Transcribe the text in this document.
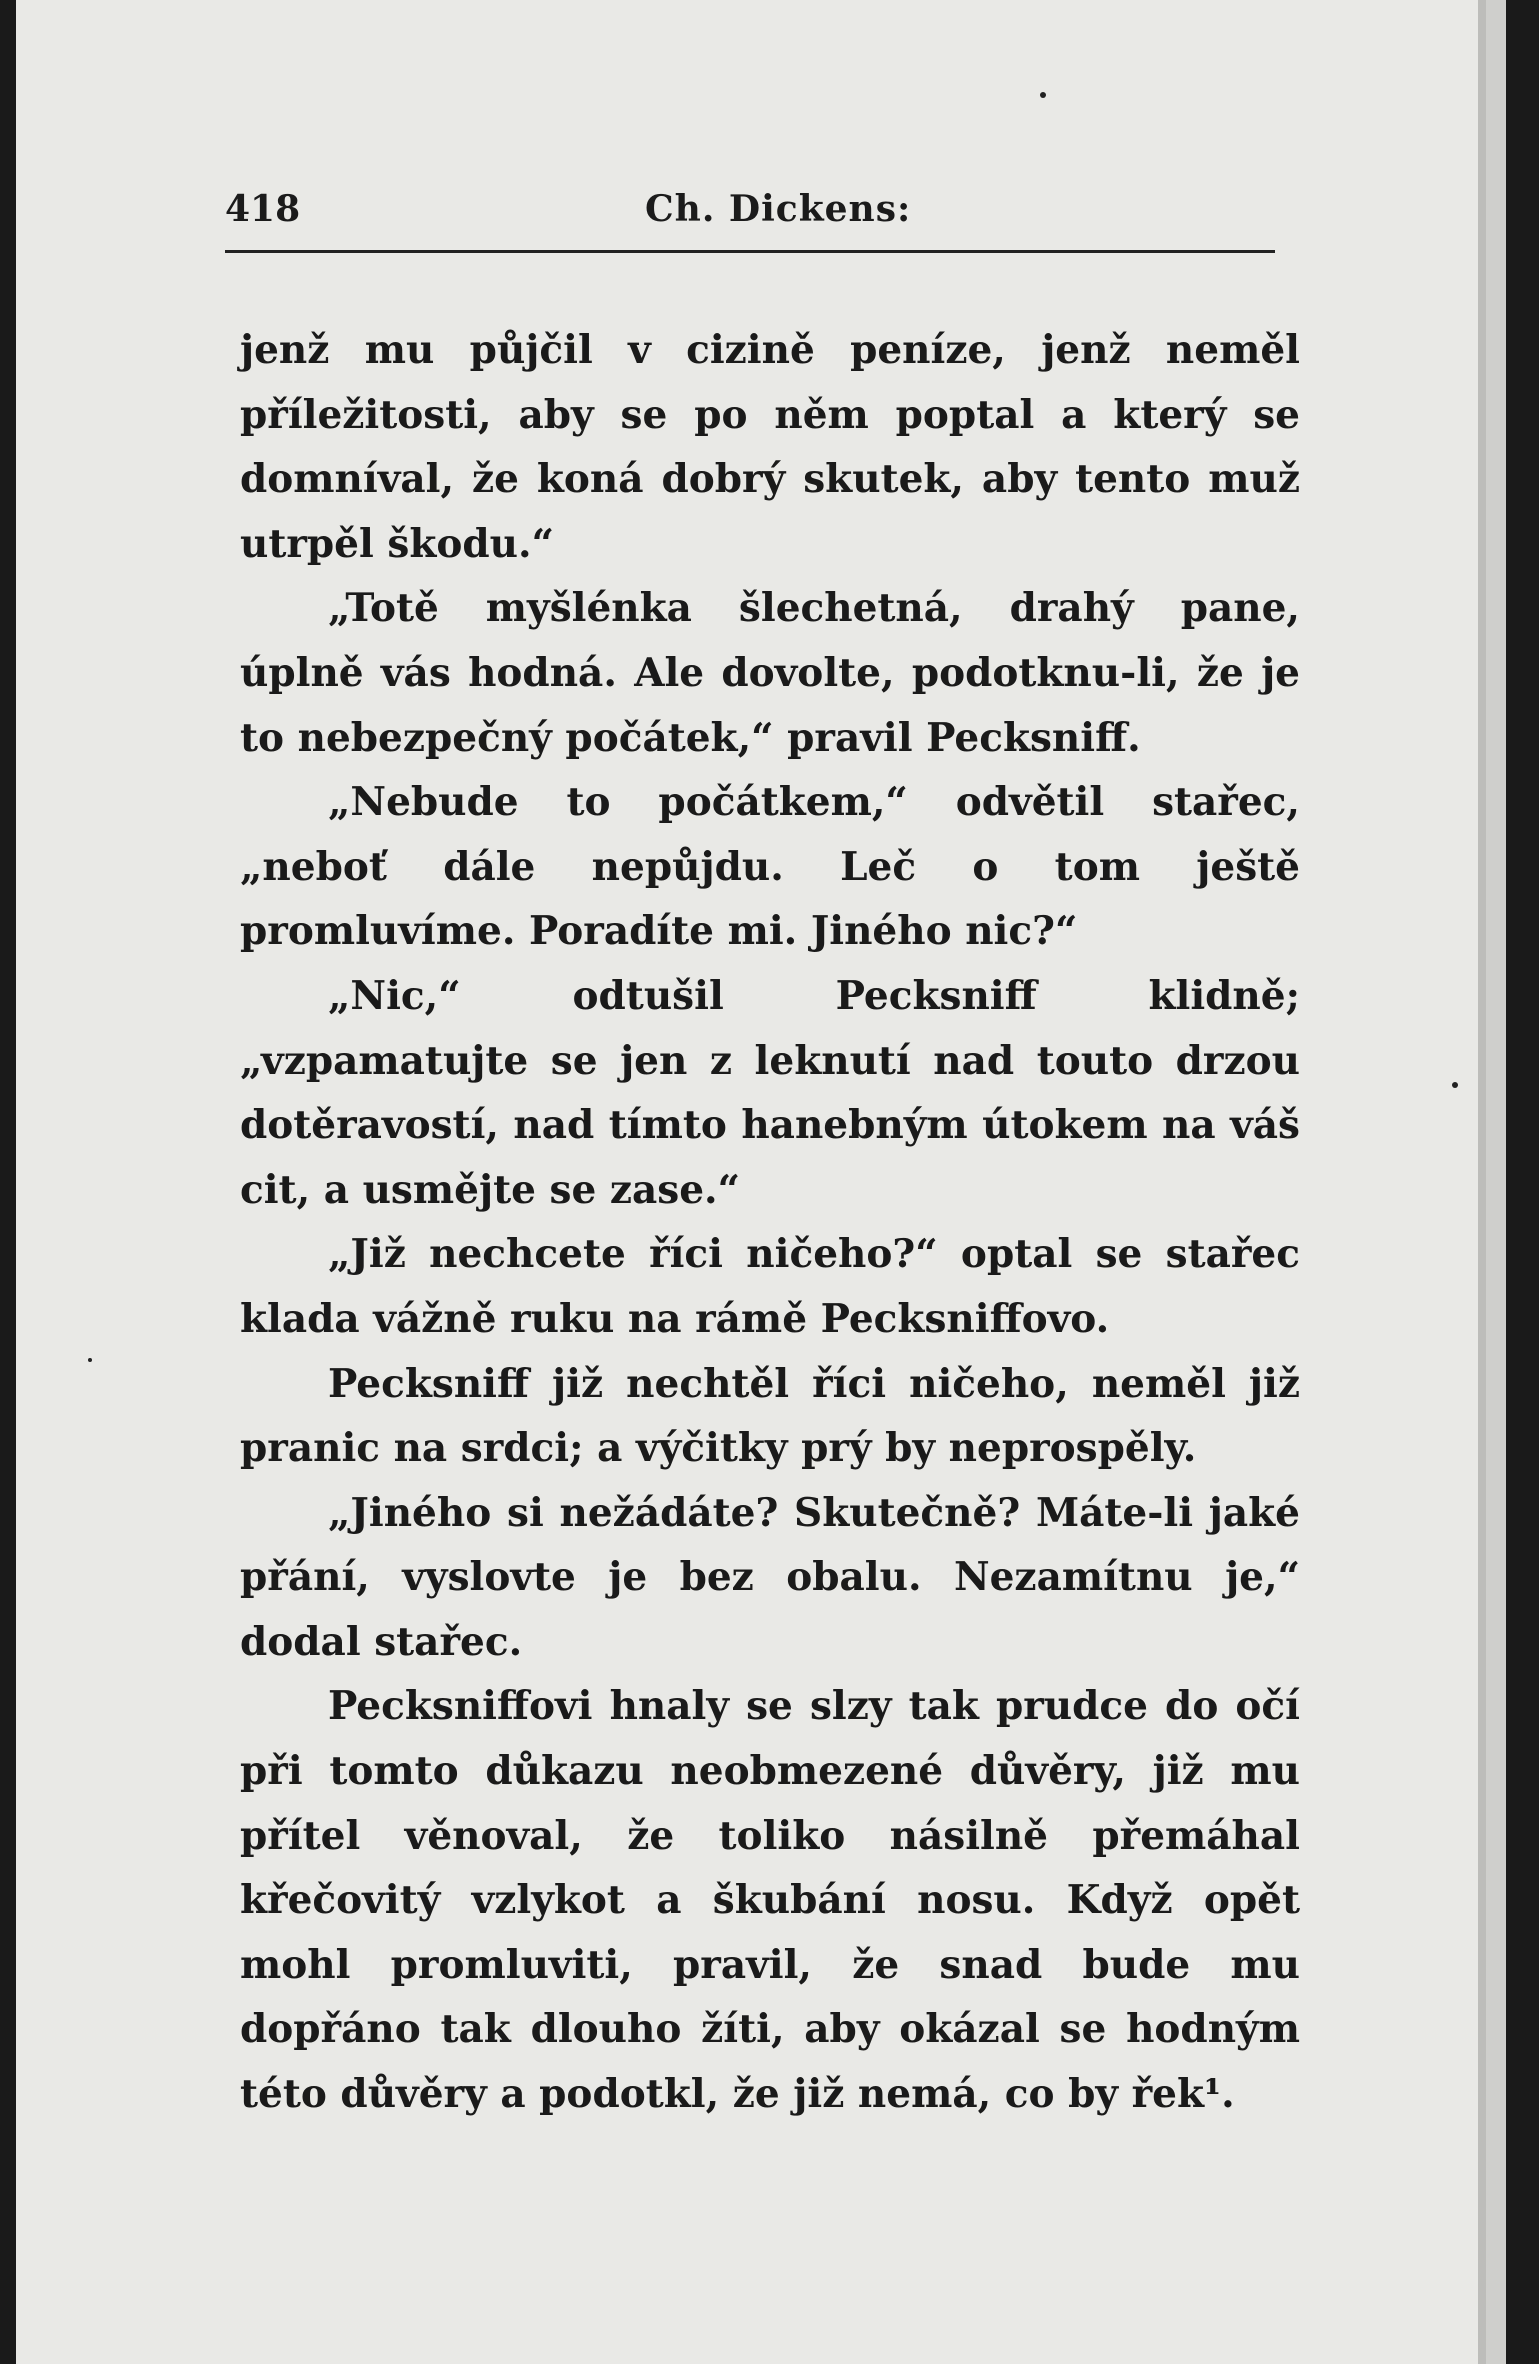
418	Ch. Dickens:

jenž mu půjčil v cizině peníze, jenž neměl příležitosti, aby se po něm poptal a který se domníval, že koná dobrý skutek, aby tento muž utrpěl škodu.“

„Totě myšlénka šlechetná, drahý pane, úplně vás hodná. Ale dovolte, podotknu-li, že je to nebezpečný počátek,“ pravil Pecksniff.

„Nebude to počátkem,“ odvětil stařec, „neboť dále nepůjdu. Leč o tom ještě promluvíme. Poradíte mi. Jiného nic?“

„Nic,“ odtušil Pecksniff klidně; „vzpamatujte se jen z leknutí nad touto drzou dotěravostí, nad tímto hanebným útokem na váš cit, a usmějte se zase.“

„Již nechcete říci ničeho?“ optal se stařec klada vážně ruku na rámě Pecksniffovo.

Pecksniff již nechtěl říci ničeho, neměl již pranic na srdci; a výčitky prý by neprospěly.

„Jiného si nežádáte? Skutečně? Máte-li jaké přání, vyslovte je bez obalu. Nezamítnu je,“ dodal stařec.

Pecksniffovi hnaly se slzy tak prudce do očí při tomto důkazu neobmezené důvěry, již mu přítel věnoval, že toliko násilně přemáhal křečovitý vzlykot a škubání nosu. Když opět mohl promluviti, pravil, že snad bude mu dopřáno tak dlouho žíti, aby okázal se hodným této důvěry a podotkl, že již nemá, co by řek¹.
